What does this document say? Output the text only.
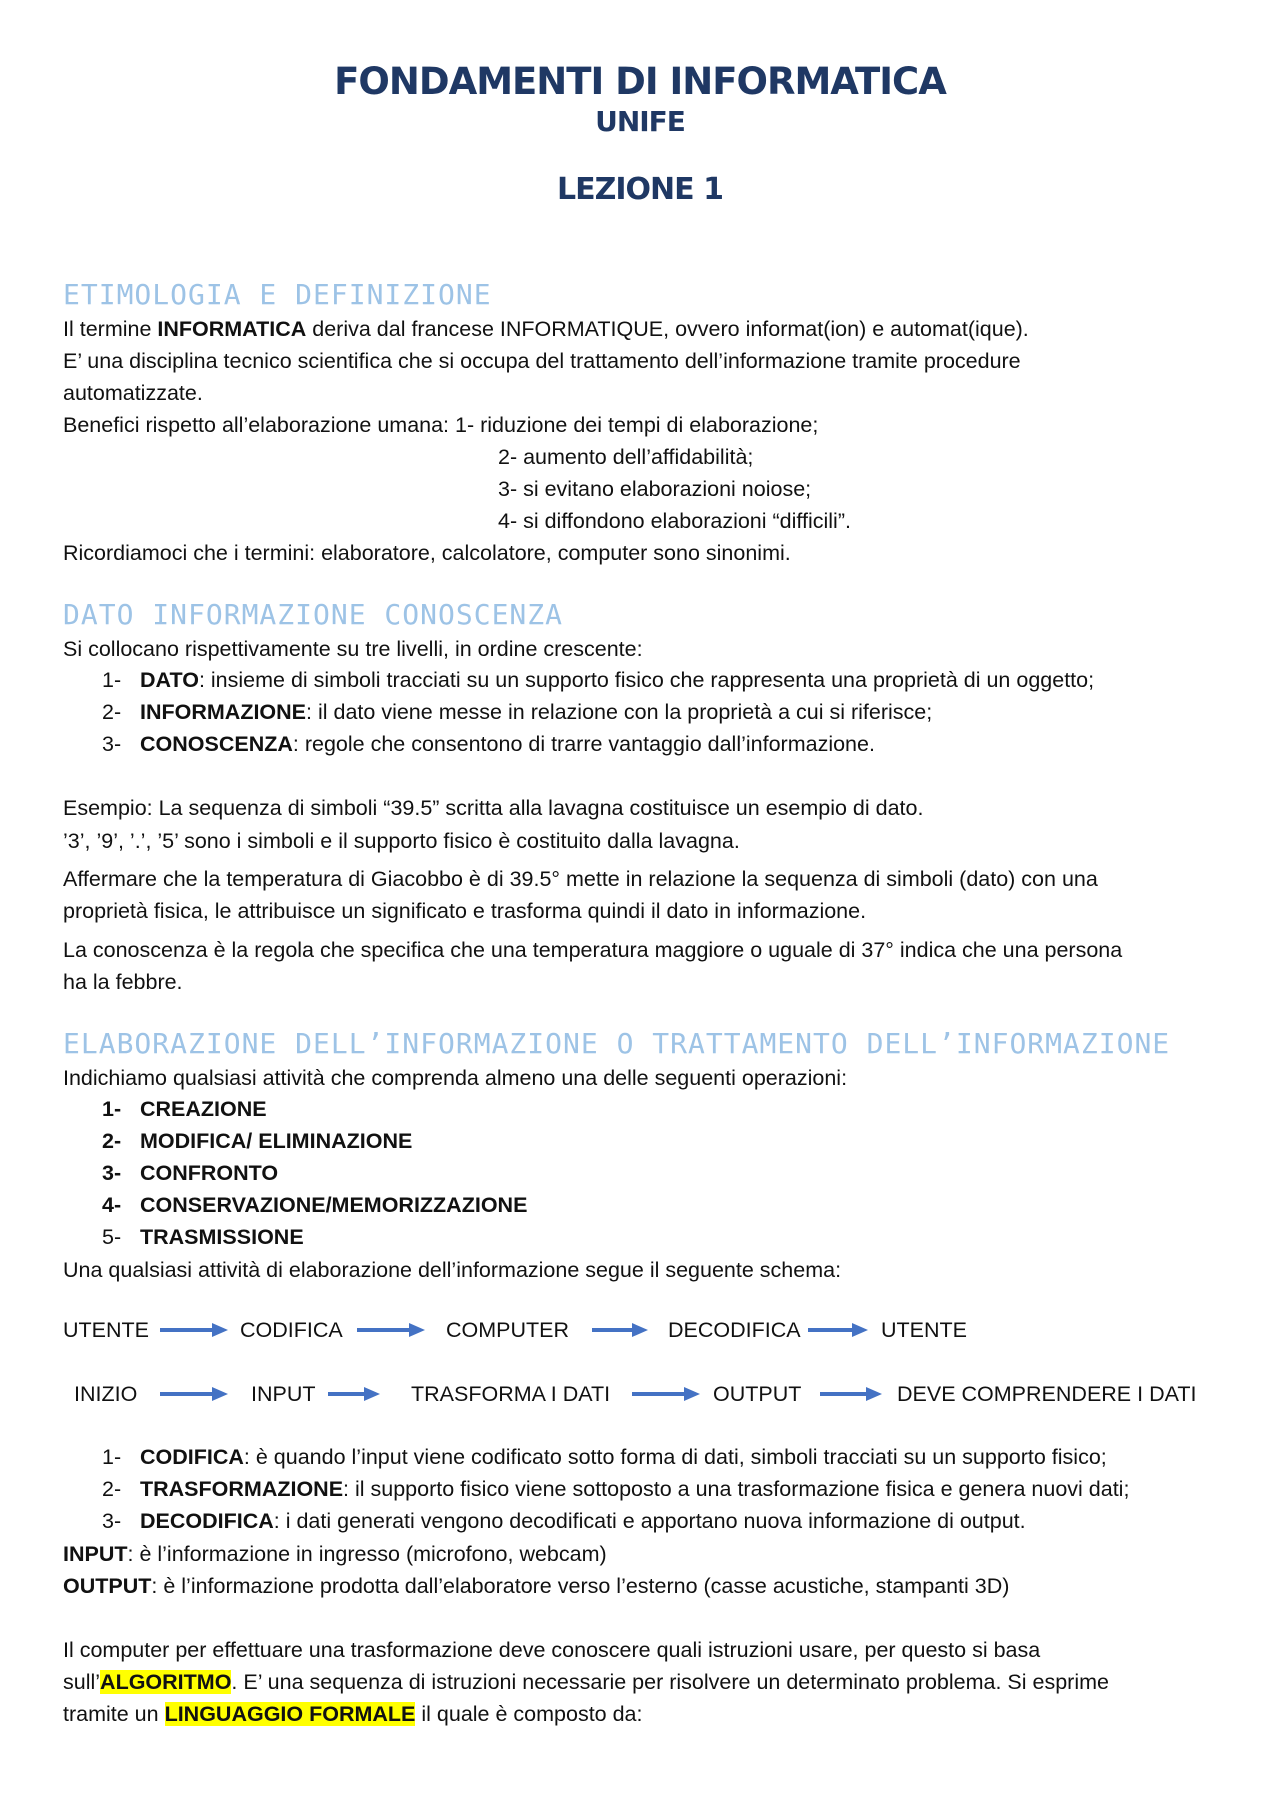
FONDAMENTI DI INFORMATICA
UNIFE
LEZIONE 1
ETIMOLOGIA E DEFINIZIONE
Il termine INFORMATICA deriva dal francese INFORMATIQUE, ovvero informat(ion) e automat(ique).
E’ una disciplina tecnico scientifica che si occupa del trattamento dell’informazione tramite procedure
automatizzate.
Benefici rispetto all’elaborazione umana: 1- riduzione dei tempi di elaborazione;
2- aumento dell’affidabilità;
3- si evitano elaborazioni noiose;
4- si diffondono elaborazioni “difficili”.
Ricordiamoci che i termini: elaboratore, calcolatore, computer sono sinonimi.
DATO INFORMAZIONE CONOSCENZA
Si collocano rispettivamente su tre livelli, in ordine crescente:
1- DATO: insieme di simboli tracciati su un supporto fisico che rappresenta una proprietà di un oggetto;
2- INFORMAZIONE: il dato viene messe in relazione con la proprietà a cui si riferisce;
3- CONOSCENZA: regole che consentono di trarre vantaggio dall’informazione.
Esempio: La sequenza di simboli “39.5” scritta alla lavagna costituisce un esempio di dato.
’3’, ’9’, ’.’, ’5’ sono i simboli e il supporto fisico è costituito dalla lavagna.
Affermare che la temperatura di Giacobbo è di 39.5° mette in relazione la sequenza di simboli (dato) con una
proprietà fisica, le attribuisce un significato e trasforma quindi il dato in informazione.
La conoscenza è la regola che specifica che una temperatura maggiore o uguale di 37° indica che una persona
ha la febbre.
ELABORAZIONE DELL’INFORMAZIONE O TRATTAMENTO DELL’INFORMAZIONE
Indichiamo qualsiasi attività che comprenda almeno una delle seguenti operazioni:
1- CREAZIONE
2- MODIFICA/ ELIMINAZIONE
3- CONFRONTO
4- CONSERVAZIONE/MEMORIZZAZIONE
5- TRASMISSIONE
Una qualsiasi attività di elaborazione dell’informazione segue il seguente schema:
UTENTE	CODIFICA	COMPUTER	DECODIFICA	UTENTE
INIZIO	INPUT	TRASFORMA I DATI	OUTPUT	DEVE COMPRENDERE I DATI
1- CODIFICA: è quando l’input viene codificato sotto forma di dati, simboli tracciati su un supporto fisico;
2- TRASFORMAZIONE: il supporto fisico viene sottoposto a una trasformazione fisica e genera nuovi dati;
3- DECODIFICA: i dati generati vengono decodificati e apportano nuova informazione di output.
INPUT: è l’informazione in ingresso (microfono, webcam)
OUTPUT: è l’informazione prodotta dall’elaboratore verso l’esterno (casse acustiche, stampanti 3D)
Il computer per effettuare una trasformazione deve conoscere quali istruzioni usare, per questo si basa
sull’ALGORITMO. E’ una sequenza di istruzioni necessarie per risolvere un determinato problema. Si esprime
tramite un LINGUAGGIO FORMALE il quale è composto da:
